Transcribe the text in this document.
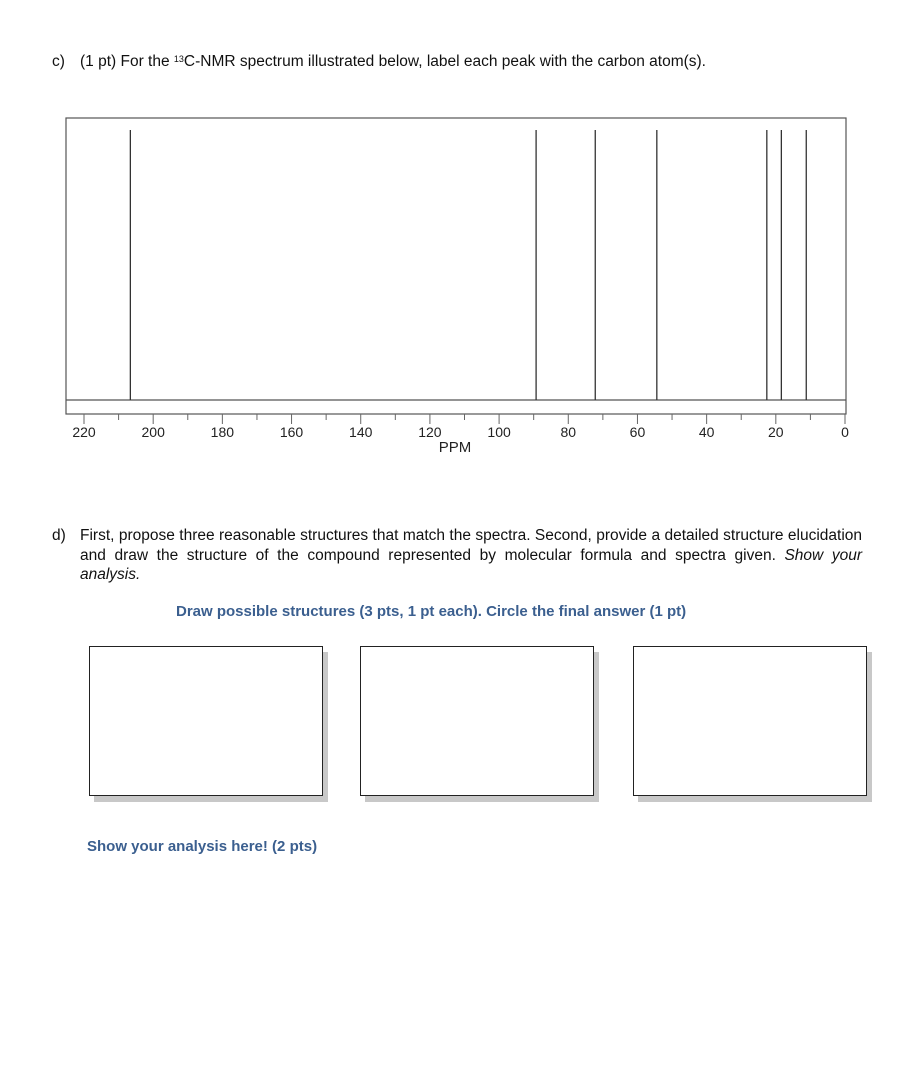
c) (1 pt) For the $^{13}$C-NMR spectrum illustrated below, label each peak with the carbon atom(s).
220	200	180	160	140	120	100	80	60	40	20	0
PPM
d) First, propose three reasonable structures that match the spectra. Second, provide a detailed structure elucidation and draw the structure of the compound represented by molecular formula and spectra given. Show your analysis.
Draw possible structures (3 pts, 1 pt each). Circle the final answer (1 pt)
Show your analysis here! (2 pts)
